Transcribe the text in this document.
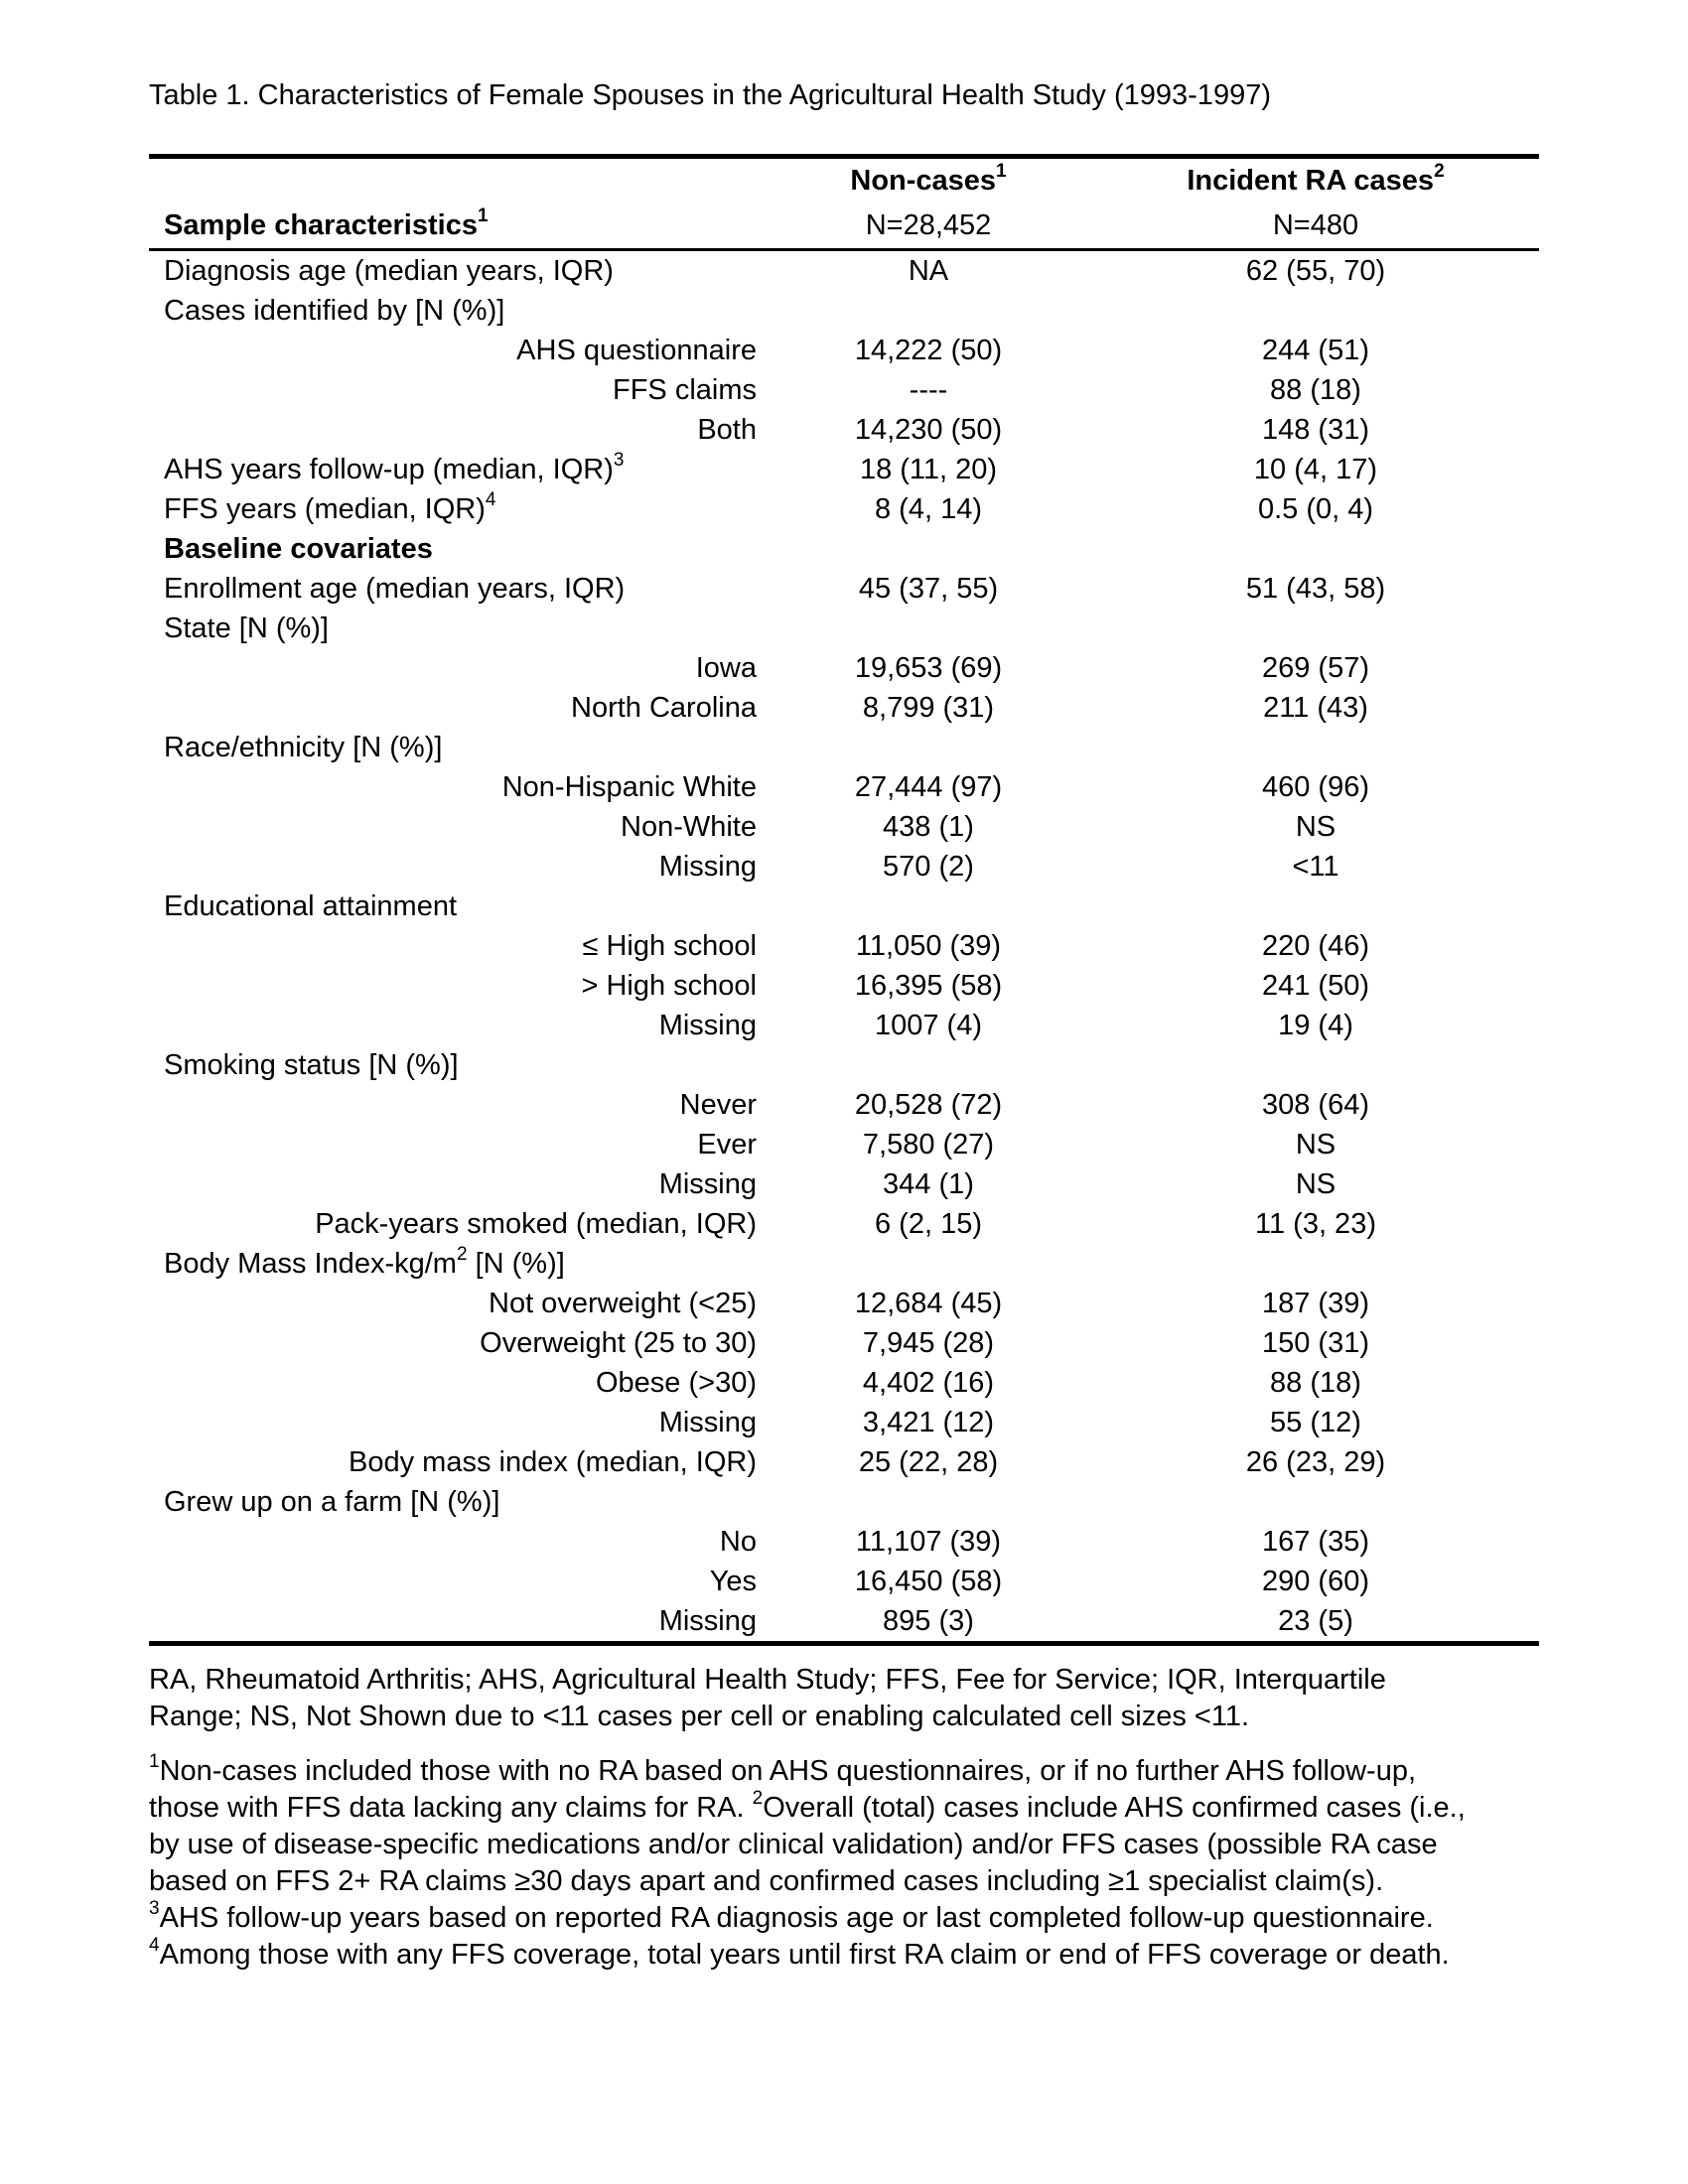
Table 1. Characteristics of Female Spouses in the Agricultural Health Study (1993-1997)

	Non-cases$^1$	Incident RA cases$^2$
Sample characteristics$^1$	N=28,452	N=480
Diagnosis age (median years, IQR)	NA	62 (55, 70)
Cases identified by [N (%)]		
AHS questionnaire	14,222 (50)	244 (51)
FFS claims	----	88 (18)
Both	14,230 (50)	148 (31)
AHS years follow-up (median, IQR)$^3$	18 (11, 20)	10 (4, 17)
FFS years (median, IQR)$^4$	8 (4, 14)	0.5 (0, 4)
Baseline covariates		
Enrollment age (median years, IQR)	45 (37, 55)	51 (43, 58)
State [N (%)]		
Iowa	19,653 (69)	269 (57)
North Carolina	8,799 (31)	211 (43)
Race/ethnicity [N (%)]		
Non-Hispanic White	27,444 (97)	460 (96)
Non-White	438 (1)	NS
Missing	570 (2)	<11
Educational attainment		
≤ High school	11,050 (39)	220 (46)
> High school	16,395 (58)	241 (50)
Missing	1007 (4)	19 (4)
Smoking status [N (%)]		
Never	20,528 (72)	308 (64)
Ever	7,580 (27)	NS
Missing	344 (1)	NS
Pack-years smoked (median, IQR)	6 (2, 15)	11 (3, 23)
Body Mass Index-$kg/m^2$ [N (%)]		
Not overweight (<25)	12,684 (45)	187 (39)
Overweight (25 to 30)	7,945 (28)	150 (31)
Obese (>30)	4,402 (16)	88 (18)
Missing	3,421 (12)	55 (12)
Body mass index (median, IQR)	25 (22, 28)	26 (23, 29)
Grew up on a farm [N (%)]		
No	11,107 (39)	167 (35)
Yes	16,450 (58)	290 (60)
Missing	895 (3)	23 (5)
RA, Rheumatoid Arthritis; AHS, Agricultural Health Study; FFS, Fee for Service; IQR, Interquartile
Range; NS, Not Shown due to <11 cases per cell or enabling calculated cell sizes <11.
$^1$Non-cases included those with no RA based on AHS questionnaires, or if no further AHS follow-up,
those with FFS data lacking any claims for RA. $^2$Overall (total) cases include AHS confirmed cases (i.e.,
by use of disease-specific medications and/or clinical validation) and/or FFS cases (possible RA case
based on FFS 2+ RA claims ≥30 days apart and confirmed cases including ≥1 specialist claim(s).
$^3$AHS follow-up years based on reported RA diagnosis age or last completed follow-up questionnaire.
$^4$Among those with any FFS coverage, total years until first RA claim or end of FFS coverage or death.
